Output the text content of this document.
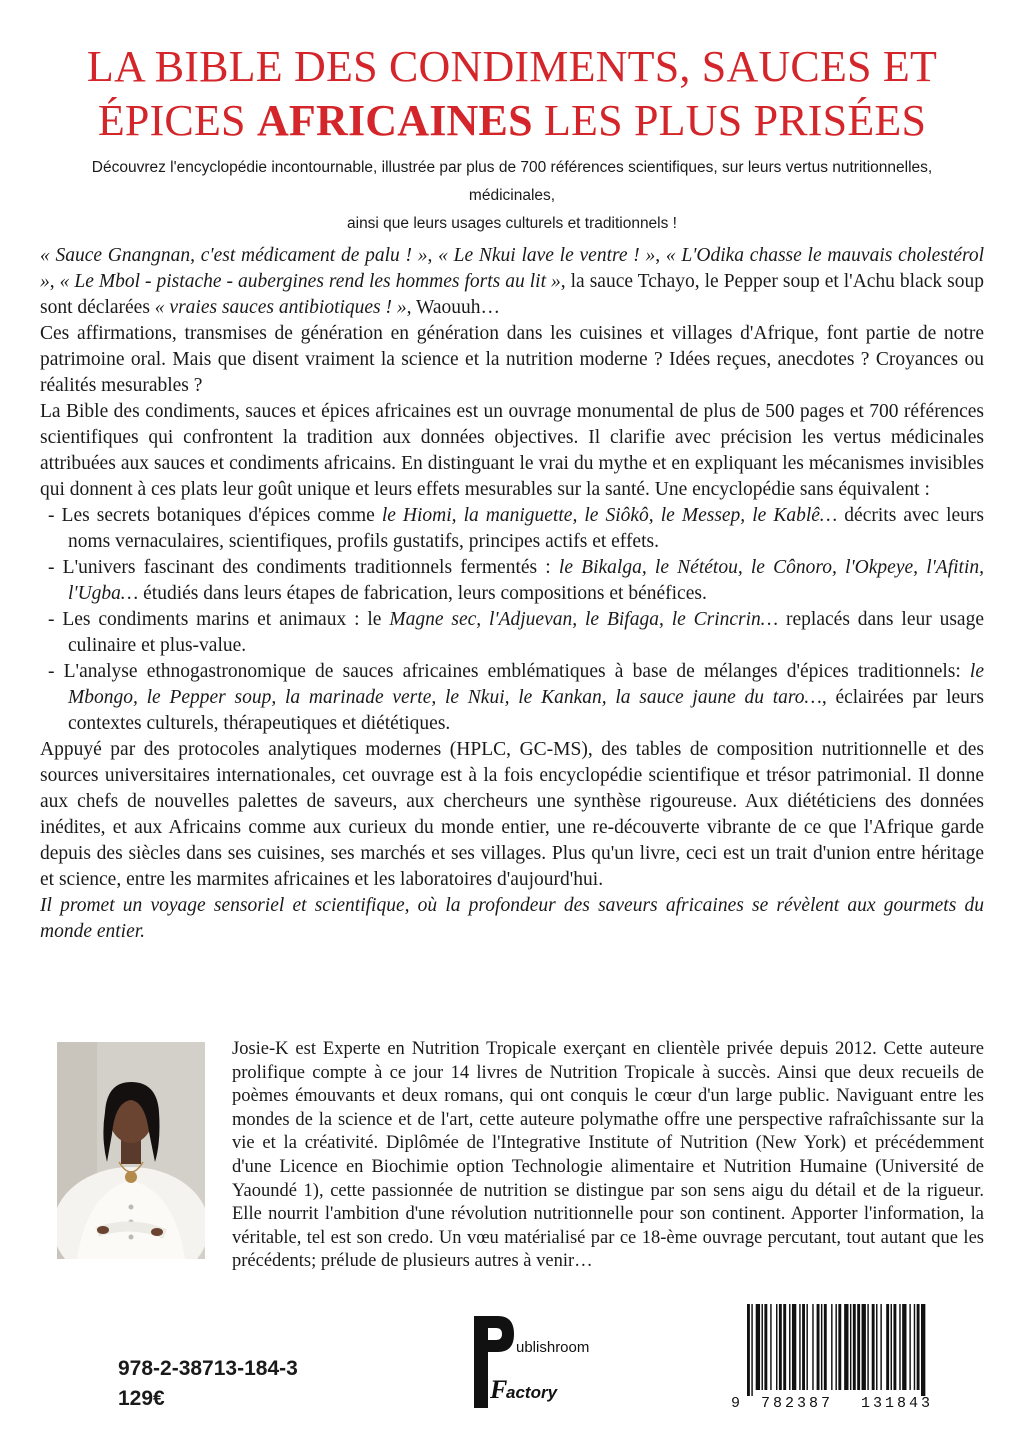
LA BIBLE DES CONDIMENTS, SAUCES ET
ÉPICES AFRICAINES LES PLUS PRISÉES
Découvrez l'encyclopédie incontournable, illustrée par plus de 700 références scientifiques, sur leurs vertus nutritionnelles, médicinales,
ainsi que leurs usages culturels et traditionnels !

« Sauce Gnangnan, c'est médicament de palu ! », « Le Nkui lave le ventre ! », « L'Odika chasse le mauvais cholestérol », « Le Mbol - pistache - aubergines rend les hommes forts au lit », la sauce Tchayo, le Pepper soup et l'Achu black soup sont déclarées « vraies sauces antibiotiques ! », Waouuh…

Ces affirmations, transmises de génération en génération dans les cuisines et villages d'Afrique, font partie de notre patrimoine oral. Mais que disent vraiment la science et la nutrition moderne ? Idées reçues, anecdotes ? Croyances ou réalités mesurables ?

La Bible des condiments, sauces et épices africaines est un ouvrage monumental de plus de 500 pages et 700 références scientifiques qui confrontent la tradition aux données objectives. Il clarifie avec précision les vertus médicinales attribuées aux sauces et condiments africains. En distinguant le vrai du mythe et en expliquant les mécanismes invisibles qui donnent à ces plats leur goût unique et leurs effets mesurables sur la santé. Une encyclopédie sans équivalent :

- Les secrets botaniques d'épices comme le Hiomi, la maniguette, le Siôkô, le Messep, le Kablê… décrits avec leurs noms vernaculaires, scientifiques, profils gustatifs, principes actifs et effets.

- L'univers fascinant des condiments traditionnels fermentés : le Bikalga, le Nététou, le Cônoro, l'Okpeye, l'Afitin, l'Ugba… étudiés dans leurs étapes de fabrication, leurs compositions et bénéfices.

- Les condiments marins et animaux : le Magne sec, l'Adjuevan, le Bifaga, le Crincrin… replacés dans leur usage culinaire et plus-value.

- L'analyse ethnogastronomique de sauces africaines emblématiques à base de mélanges d'épices traditionnels: le Mbongo, le Pepper soup, la marinade verte, le Nkui, le Kankan, la sauce jaune du taro…, éclairées par leurs contextes culturels, thérapeutiques et diététiques.

Appuyé par des protocoles analytiques modernes (HPLC, GC-MS), des tables de composition nutritionnelle et des sources universitaires internationales, cet ouvrage est à la fois encyclopédie scientifique et trésor patrimonial. Il donne aux chefs de nouvelles palettes de saveurs, aux chercheurs une synthèse rigoureuse. Aux diététiciens des données inédites, et aux Africains comme aux curieux du monde entier, une re-découverte vibrante de ce que l'Afrique garde depuis des siècles dans ses cuisines, ses marchés et ses villages. Plus qu'un livre, ceci est un trait d'union entre héritage et science, entre les marmites africaines et les laboratoires d'aujourd'hui.

Il promet un voyage sensoriel et scientifique, où la profondeur des saveurs africaines se révèlent aux gourmets du monde entier.

Josie-K est Experte en Nutrition Tropicale exerçant en clientèle privée depuis 2012. Cette auteure prolifique compte à ce jour 14 livres de Nutrition Tropicale à succès. Ainsi que deux recueils de poèmes émouvants et deux romans, qui ont conquis le cœur d'un large public. Naviguant entre les mondes de la science et de l'art, cette auteure polymathe offre une perspective rafraîchissante sur la vie et la créativité. Diplômée de l'Integrative Institute of Nutrition (New York) et précédemment d'une Licence en Biochimie option Technologie alimentaire et Nutrition Humaine (Université de Yaoundé 1), cette passionnée de nutrition se distingue par son sens aigu du détail et de la rigueur. Elle nourrit l'ambition d'une révolution nutritionnelle pour son continent. Apporter l'information, la véritable, tel est son credo. Un vœu matérialisé par ce 18-ème ouvrage percutant, tout autant que les précédents; prélude de plusieurs autres à venir…

978-2-38713-184-3
129€
ublishroom
F
actory
9 782387 131843
